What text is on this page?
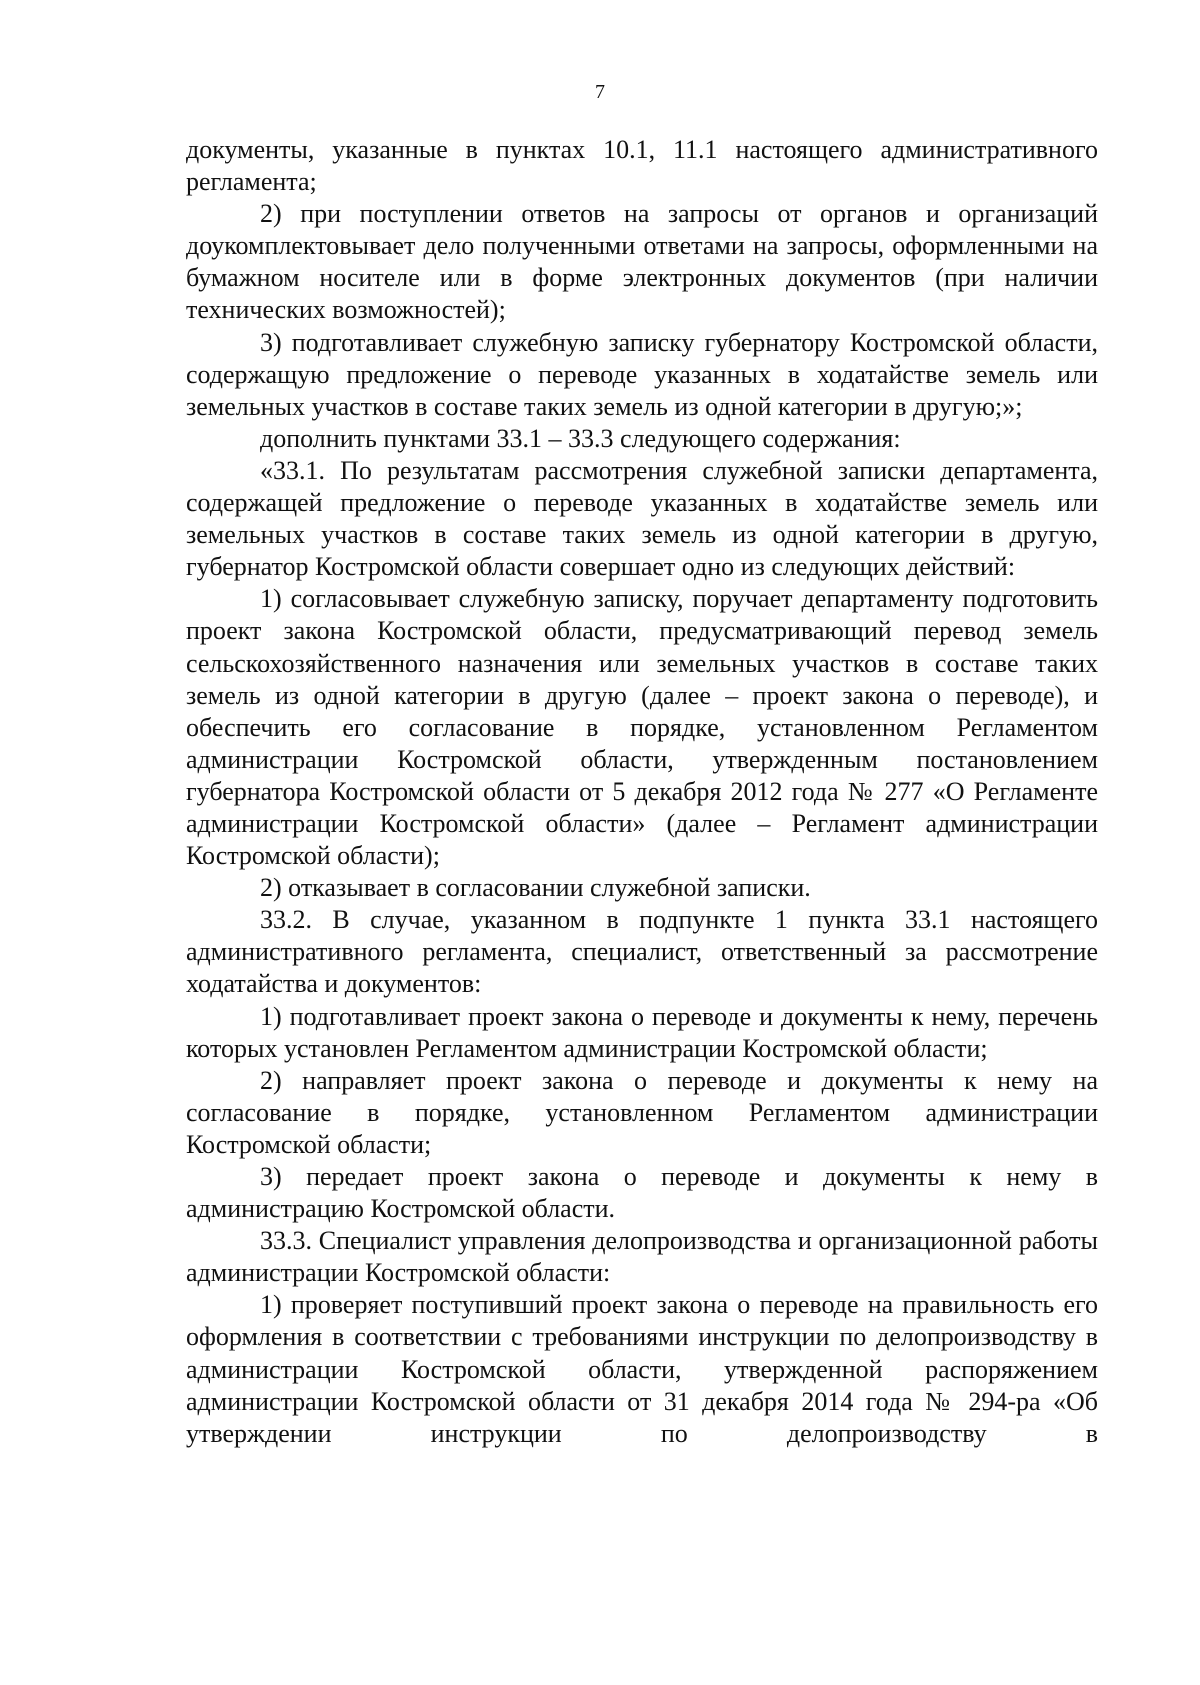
7

документы, указанные в пунктах 10.1, 11.1 настоящего административного регламента;

2) при поступлении ответов на запросы от органов и организаций доукомплектовывает дело полученными ответами на запросы, оформленными на бумажном носителе или в форме электронных документов (при наличии технических возможностей);

3) подготавливает служебную записку губернатору Костромской области, содержащую предложение о переводе указанных в ходатайстве земель или земельных участков в составе таких земель из одной категории в другую;»;

дополнить пунктами 33.1 – 33.3 следующего содержания:

«33.1. По результатам рассмотрения служебной записки департамента, содержащей предложение о переводе указанных в ходатайстве земель или земельных участков в составе таких земель из одной категории в другую, губернатор Костромской области совершает одно из следующих действий:

1) согласовывает служебную записку, поручает департаменту подготовить проект закона Костромской области, предусматривающий перевод земель сельскохозяйственного назначения или земельных участков в составе таких земель из одной категории в другую (далее – проект закона о переводе), и обеспечить его согласование в порядке, установленном Регламентом администрации Костромской области, утвержденным постановлением губернатора Костромской области от 5 декабря 2012 года № 277 «О Регламенте администрации Костромской области» (далее – Регламент администрации Костромской области);

2) отказывает в согласовании служебной записки.

33.2. В случае, указанном в подпункте 1 пункта 33.1 настоящего административного регламента, специалист, ответственный за рассмотрение ходатайства и документов:

1) подготавливает проект закона о переводе и документы к нему, перечень которых установлен Регламентом администрации Костромской области;

2) направляет проект закона о переводе и документы к нему на согласование в порядке, установленном Регламентом администрации Костромской области;

3) передает проект закона о переводе и документы к нему в администрацию Костромской области.

33.3. Специалист управления делопроизводства и организационной работы администрации Костромской области:

1) проверяет поступивший проект закона о переводе на правильность его оформления в соответствии с требованиями инструкции по делопроизводству в администрации Костромской области, утвержденной распоряжением администрации Костромской области от 31 декабря 2014 года № 294-ра «Об утверждении инструкции по делопроизводству в
